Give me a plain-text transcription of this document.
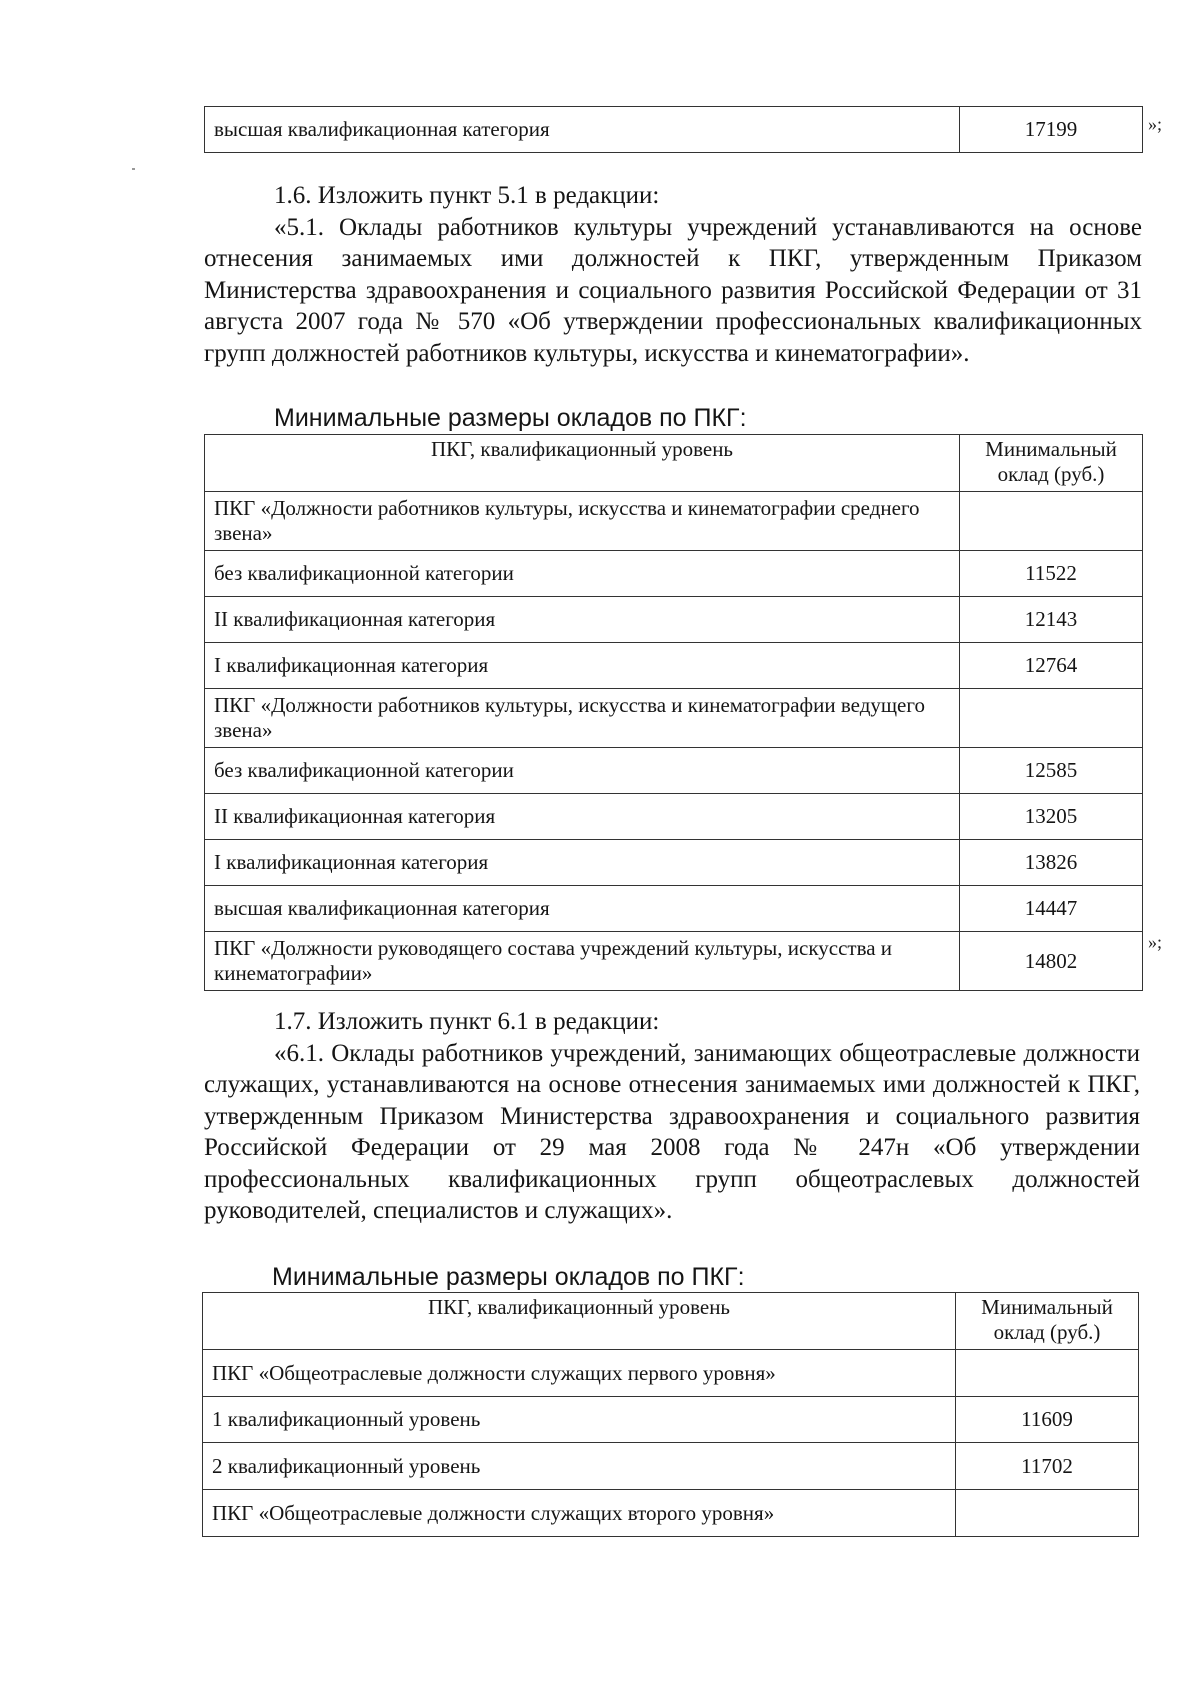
высшая квалификационная категория	17199	»;

1.6. Изложить пункт 5.1 в редакции:

«5.1. Оклады работников культуры учреждений устанавливаются на основе отнесения занимаемых ими должностей к ПКГ, утвержденным Приказом Министерства здравоохранения и социального развития Российской Федерации от 31 августа 2007 года № 570 «Об утверждении профессиональных квалификационных групп должностей работников культуры, искусства и кинематографии».

Минимальные размеры окладов по ПКГ:
ПКГ, квалификационный уровень	Минимальный оклад (руб.)
ПКГ «Должности работников культуры, искусства и кинематографии среднего звена»	
без квалификационной категории	11522
II квалификационная категория	12143
I квалификационная категория	12764
ПКГ «Должности работников культуры, искусства и кинематографии ведущего звена»	
без квалификационной категории	12585
II квалификационная категория	13205
I квалификационная категория	13826
высшая квалификационная категория	14447
ПКГ «Должности руководящего состава учреждений культуры, искусства и кинематографии»	14802
»;

1.7. Изложить пункт 6.1 в редакции:

«6.1. Оклады работников учреждений, занимающих общеотраслевые должности служащих, устанавливаются на основе отнесения занимаемых ими должностей к ПКГ, утвержденным Приказом Министерства здравоохранения и социального развития Российской Федерации от 29 мая 2008 года № 247н «Об утверждении профессиональных квалификационных групп общеотраслевых должностей руководителей, специалистов и служащих».

Минимальные размеры окладов по ПКГ:
ПКГ, квалификационный уровень	Минимальный оклад (руб.)
ПКГ «Общеотраслевые должности служащих первого уровня»	
1 квалификационный уровень	11609
2 квалификационный уровень	11702
ПКГ «Общеотраслевые должности служащих второго уровня»	
